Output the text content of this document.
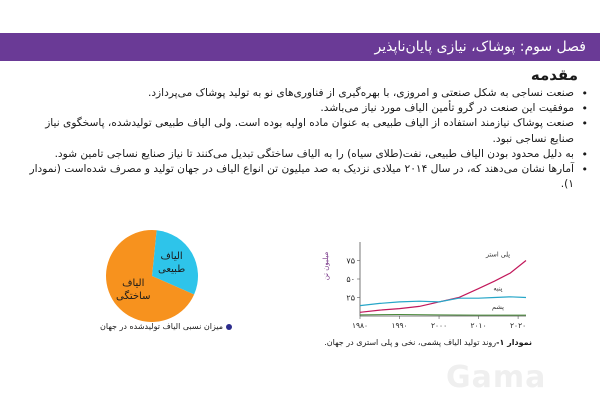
فصل سوم: پوشاک، نیازی پایان‌ناپذیر
مقدمه
• صنعت نساجی به شکل صنعتی و امروزی، با بهره‌گیری از فناوری‌های نو به تولید پوشاک می‌پردازد.
• موفقیت این صنعت در گرو تأمین الیاف مورد نیاز می‌باشد.
• صنعت پوشاک نیازمند استفاده از الیاف طبیعی به عنوان ماده اولیه بوده است. ولی الیاف طبیعی تولیدشده، پاسخگوی نیاز صنایع نساجی نبود.
• به دلیل محدود بودن الیاف طبیعی، نفت(طلای سیاه) را به الیاف ساختگی تبدیل می‌کنند تا نیاز صنایع نساجی تامین شود.
• آمارها نشان می‌دهند که، در سال ۲۰۱۴ میلادی نزدیک به صد میلیون تن انواع الیاف در جهان تولید و مصرف شده‌است (نمودار ۱).
الیاف
طبیعی
الیاف
ساختگی
میزان نسبی الیاف تولیدشده در جهان
میلیون تن
۲۵
۵۰
۷۵
۱۹۸۰	۱۹۹۰	۲۰۰۰	۲۰۱۰	۲۰۲۰
پلی استر
پنبه
پشم
نمودار ۱-روند تولید الیاف پشمی، نخی و پلی استری در جهان.
Gama
